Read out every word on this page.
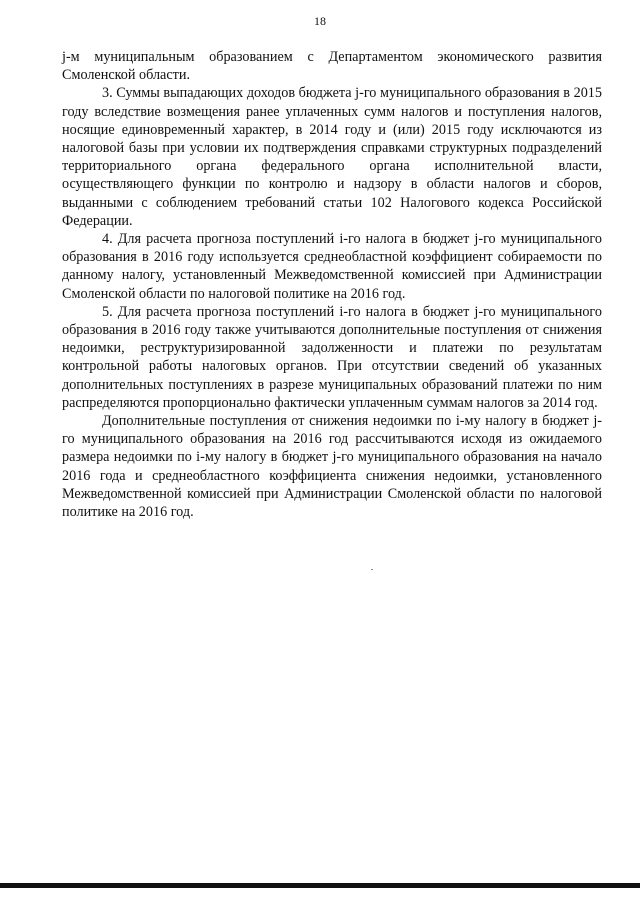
18

j-м муниципальным образованием с Департаментом экономического развития Смоленской области.

3. Суммы выпадающих доходов бюджета j-го муниципального образования в 2015 году вследствие возмещения ранее уплаченных сумм налогов и поступления налогов, носящие единовременный характер, в 2014 году и (или) 2015 году исключаются из налоговой базы при условии их подтверждения справками структурных подразделений территориального органа федерального органа исполнительной власти, осуществляющего функции по контролю и надзору в области налогов и сборов, выданными с соблюдением требований статьи 102 Налогового кодекса Российской Федерации.

4. Для расчета прогноза поступлений i-го налога в бюджет j-го муниципального образования в 2016 году используется среднеобластной коэффициент собираемости по данному налогу, установленный Межведомственной комиссией при Администрации Смоленской области по налоговой политике на 2016 год.

5. Для расчета прогноза поступлений i-го налога в бюджет j-го муниципального образования в 2016 году также учитываются дополнительные поступления от снижения недоимки, реструктуризированной задолженности и платежи по результатам контрольной работы налоговых органов. При отсутствии сведений об указанных дополнительных поступлениях в разрезе муниципальных образований платежи по ним распределяются пропорционально фактически уплаченным суммам налогов за 2014 год.

Дополнительные поступления от снижения недоимки по i-му налогу в бюджет j-го муниципального образования на 2016 год рассчитываются исходя из ожидаемого размера недоимки по i-му налогу в бюджет j-го муниципального образования на начало 2016 года и среднеобластного коэффициента снижения недоимки, установленного Межведомственной комиссией при Администрации Смоленской области по налоговой политике на 2016 год.
